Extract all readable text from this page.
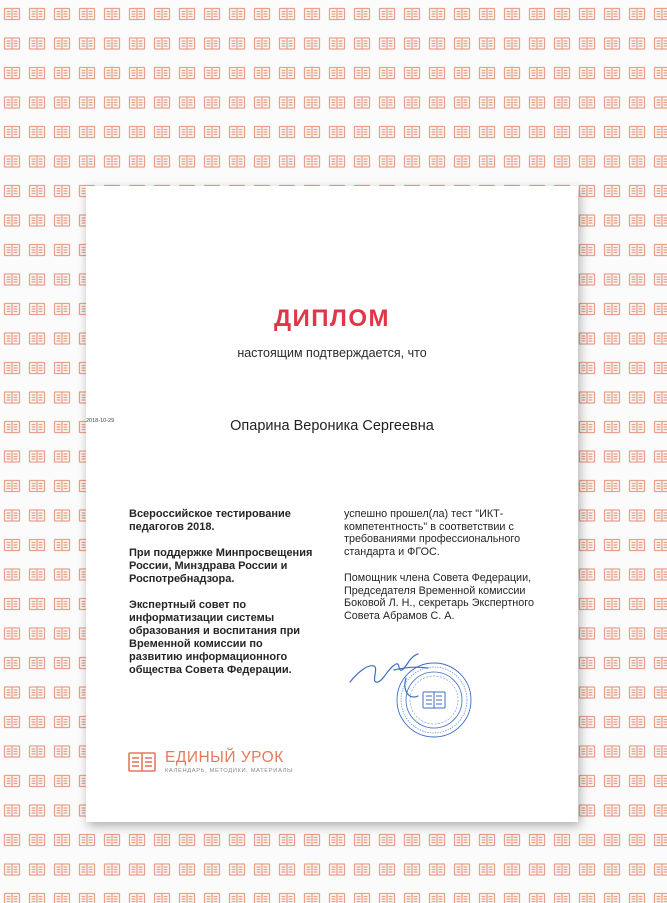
ДИПЛОМ
настоящим подтверждается, что
2018-10-29	Опарина Вероника Сергеевна

Всероссийское тестирование педагогов 2018.

При поддержке Минпросвещения России, Минздрава России и Роспотребнадзора.

Экспертный совет по информатизации системы образования и воспитания при Временной комиссии по развитию информационного общества Совета Федерации.

успешно прошел(ла) тест "ИКТ-компетентность" в соответствии с требованиями профессионального стандарта и ФГОС.

Помощник члена Совета Федерации, Председателя Временной комиссии Боковой Л. Н., секретарь Экспертного Совета Абрамов С. А.

ЕДИНЫЙ УРОК
КАЛЕНДАРЬ, МЕТОДИКИ, МАТЕРИАЛЫ
